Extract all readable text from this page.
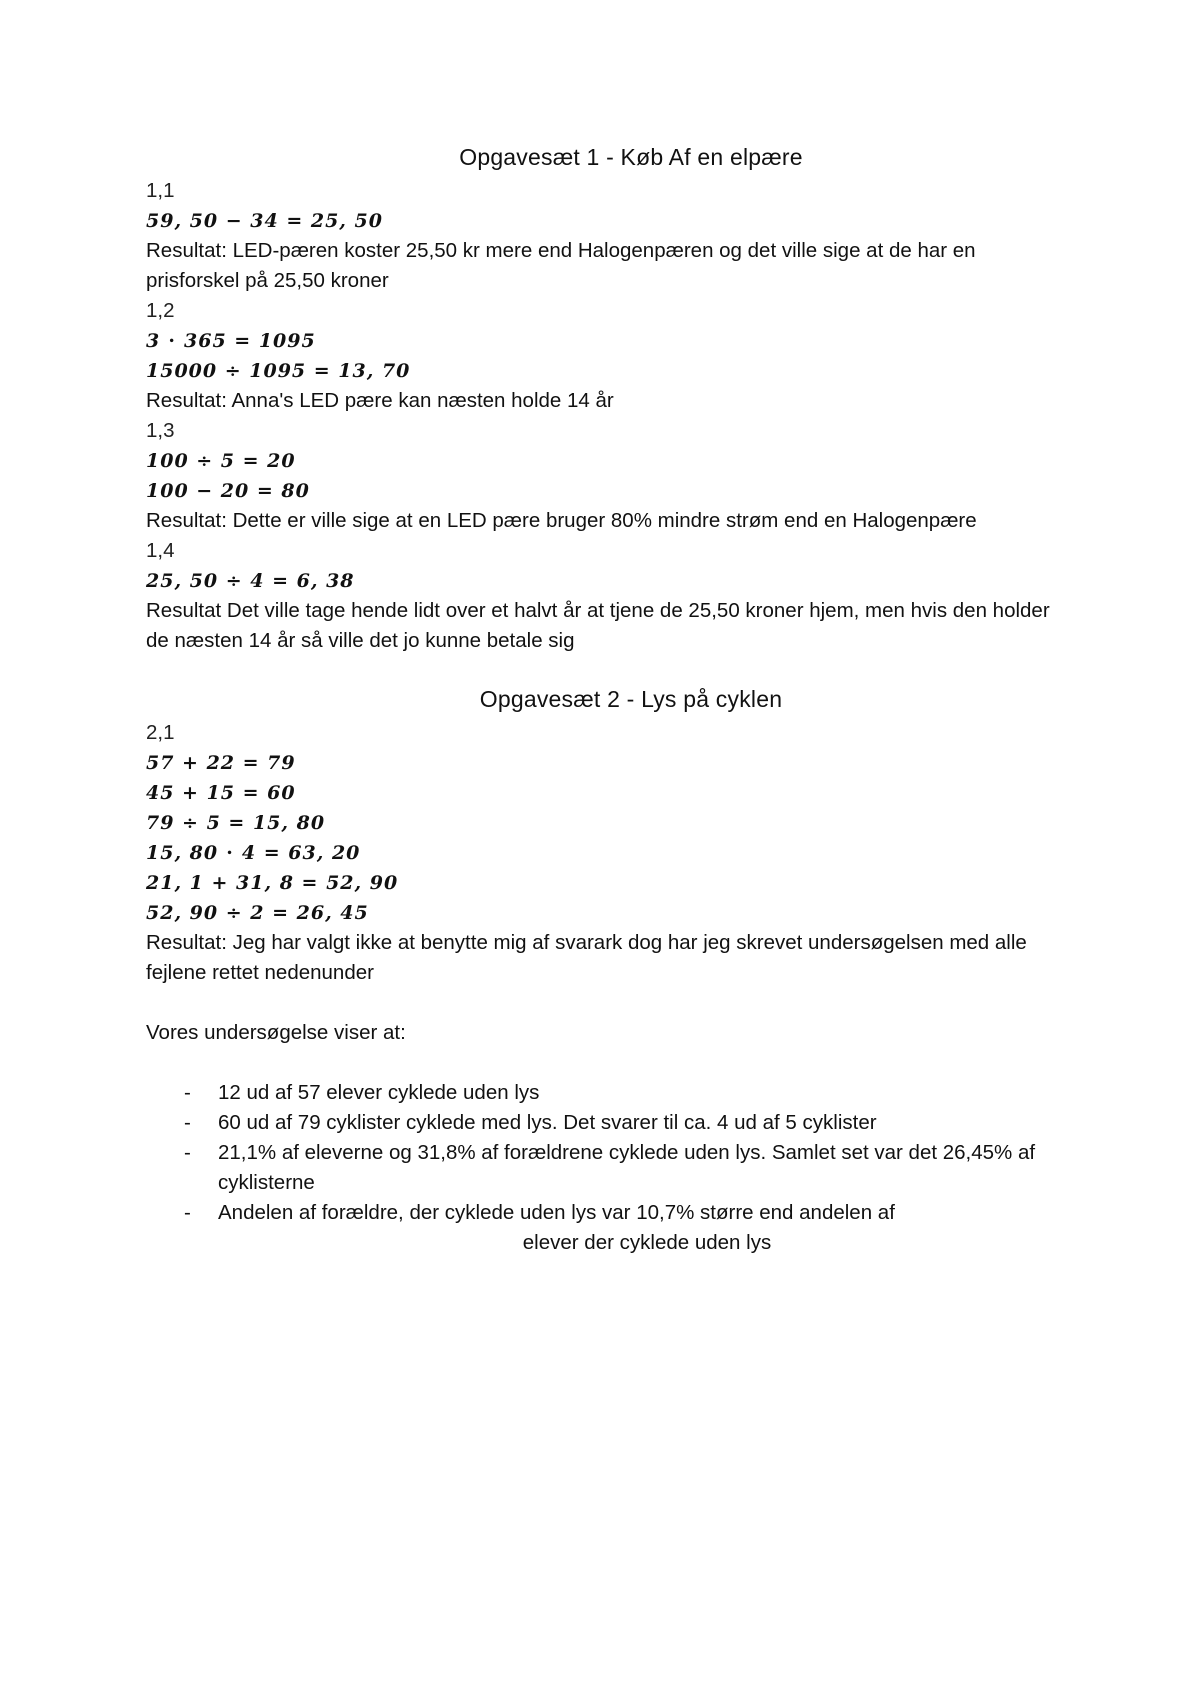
Opgavesæt 1 - Køb Af en elpære

1,1

59, 50 − 34 = 25, 50

Resultat: LED-pæren koster 25,50 kr mere end Halogenpæren og det ville sige at de har en prisforskel på 25,50 kroner

1,2

3 ⋅ 365 = 1095

15000 ÷ 1095 = 13, 70

Resultat: Anna's LED pære kan næsten holde 14 år

1,3

100 ÷ 5 = 20

100 − 20 = 80

Resultat: Dette er ville sige at en LED pære bruger 80% mindre strøm end en Halogenpære

1,4

25, 50 ÷ 4 = 6, 38

Resultat Det ville tage hende lidt over et halvt år at tjene de 25,50 kroner hjem, men hvis den holder de næsten 14 år så ville det jo kunne betale sig

Opgavesæt 2 - Lys på cyklen

2,1

57 + 22 = 79

45 + 15 = 60

79 ÷ 5 = 15, 80

15, 80 ⋅ 4 = 63, 20

21, 1 + 31, 8 = 52, 90

52, 90 ÷ 2 = 26, 45

Resultat: Jeg har valgt ikke at benytte mig af svarark dog har jeg skrevet undersøgelsen med alle fejlene rettet nedenunder

Vores undersøgelse viser at:

- 12 ud af 57 elever cyklede uden lys
- 60 ud af 79 cyklister cyklede med lys. Det svarer til ca. 4 ud af 5 cyklister
- 21,1% af eleverne og 31,8% af forældrene cyklede uden lys. Samlet set var det 26,45% af cyklisterne
- Andelen af forældre, der cyklede uden lys var 10,7% større end andelen af
elever der cyklede uden lys
